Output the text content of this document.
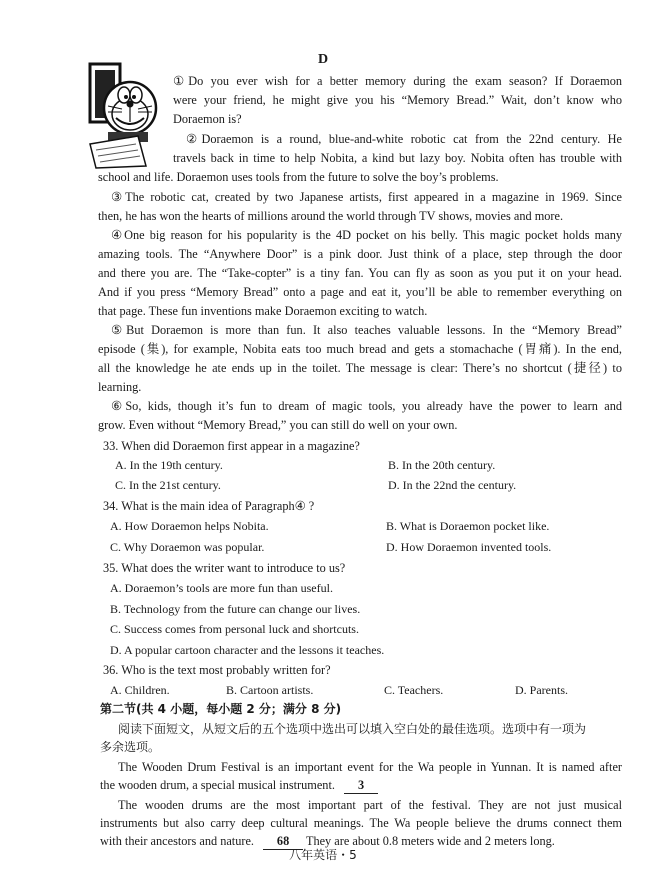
D
①Do you ever wish for a better memory during the exam season? If Doraemon
were your friend, he might give you his “Memory Bread.” Wait, don’t know who
Doraemon is?
②Doraemon is a round, blue-and-white robotic cat from the 22nd century. He
travels back in time to help Nobita, a kind but lazy boy. Nobita often has trouble with
school and life. Doraemon uses tools from the future to solve the boy’s problems.
③The robotic cat, created by two Japanese artists, first appeared in a magazine in 1969. Since
then, he has won the hearts of millions around the world through TV shows, movies and more.
④One big reason for his popularity is the 4D pocket on his belly. This magic pocket holds many
amazing tools. The “Anywhere Door” is a pink door. Just think of a place, step through the door
and there you are. The “Take-copter” is a tiny fan. You can fly as soon as you put it on your head.
And if you press “Memory Bread” onto a page and eat it, you’ll be able to remember everything on
that page. These fun inventions make Doraemon exciting to watch.
⑤But Doraemon is more than fun. It also teaches valuable lessons. In the “Memory Bread”
episode (集), for example, Nobita eats too much bread and gets a stomachache (胃痛). In the end,
all the knowledge he ate ends up in the toilet. The message is clear: There’s no shortcut (捷径) to
learning.
⑥So, kids, though it’s fun to dream of magic tools, you already have the power to learn and
grow. Even without “Memory Bread,” you can still do well on your own.
33. When did Doraemon first appear in a magazine?
A. In the 19th century.	B. In the 20th century.
C. In the 21st century.	D. In the 22nd the century.
34. What is the main idea of Paragraph④ ?
A. How Doraemon helps Nobita.	B. What is Doraemon pocket like.
C. Why Doraemon was popular.	D. How Doraemon invented tools.
35. What does the writer want to introduce to us?
A. Doraemon’s tools are more fun than useful.
B. Technology from the future can change our lives.
C. Success comes from personal luck and shortcuts.
D. A popular cartoon character and the lessons it teaches.
36. Who is the text most probably written for?
A. Children.	B. Cartoon artists.	C. Teachers.	D. Parents.
第二节(共 4 小题，每小题 2 分；满分 8 分)
阅读下面短文，从短文后的五个选项中选出可以填入空白处的最佳选项。选项中有一项为
多余选项。
The Wooden Drum Festival is an important event for the Wa people in Yunnan. It is named after
the wooden drum, a special musical instrument. 3
The wooden drums are the most important part of the festival. They are not just musical
instruments but also carry deep cultural meanings. The Wa people believe the drums connect them
with their ancestors and nature. 68 They are about 0.8 meters wide and 2 meters long.
八年英语・5
